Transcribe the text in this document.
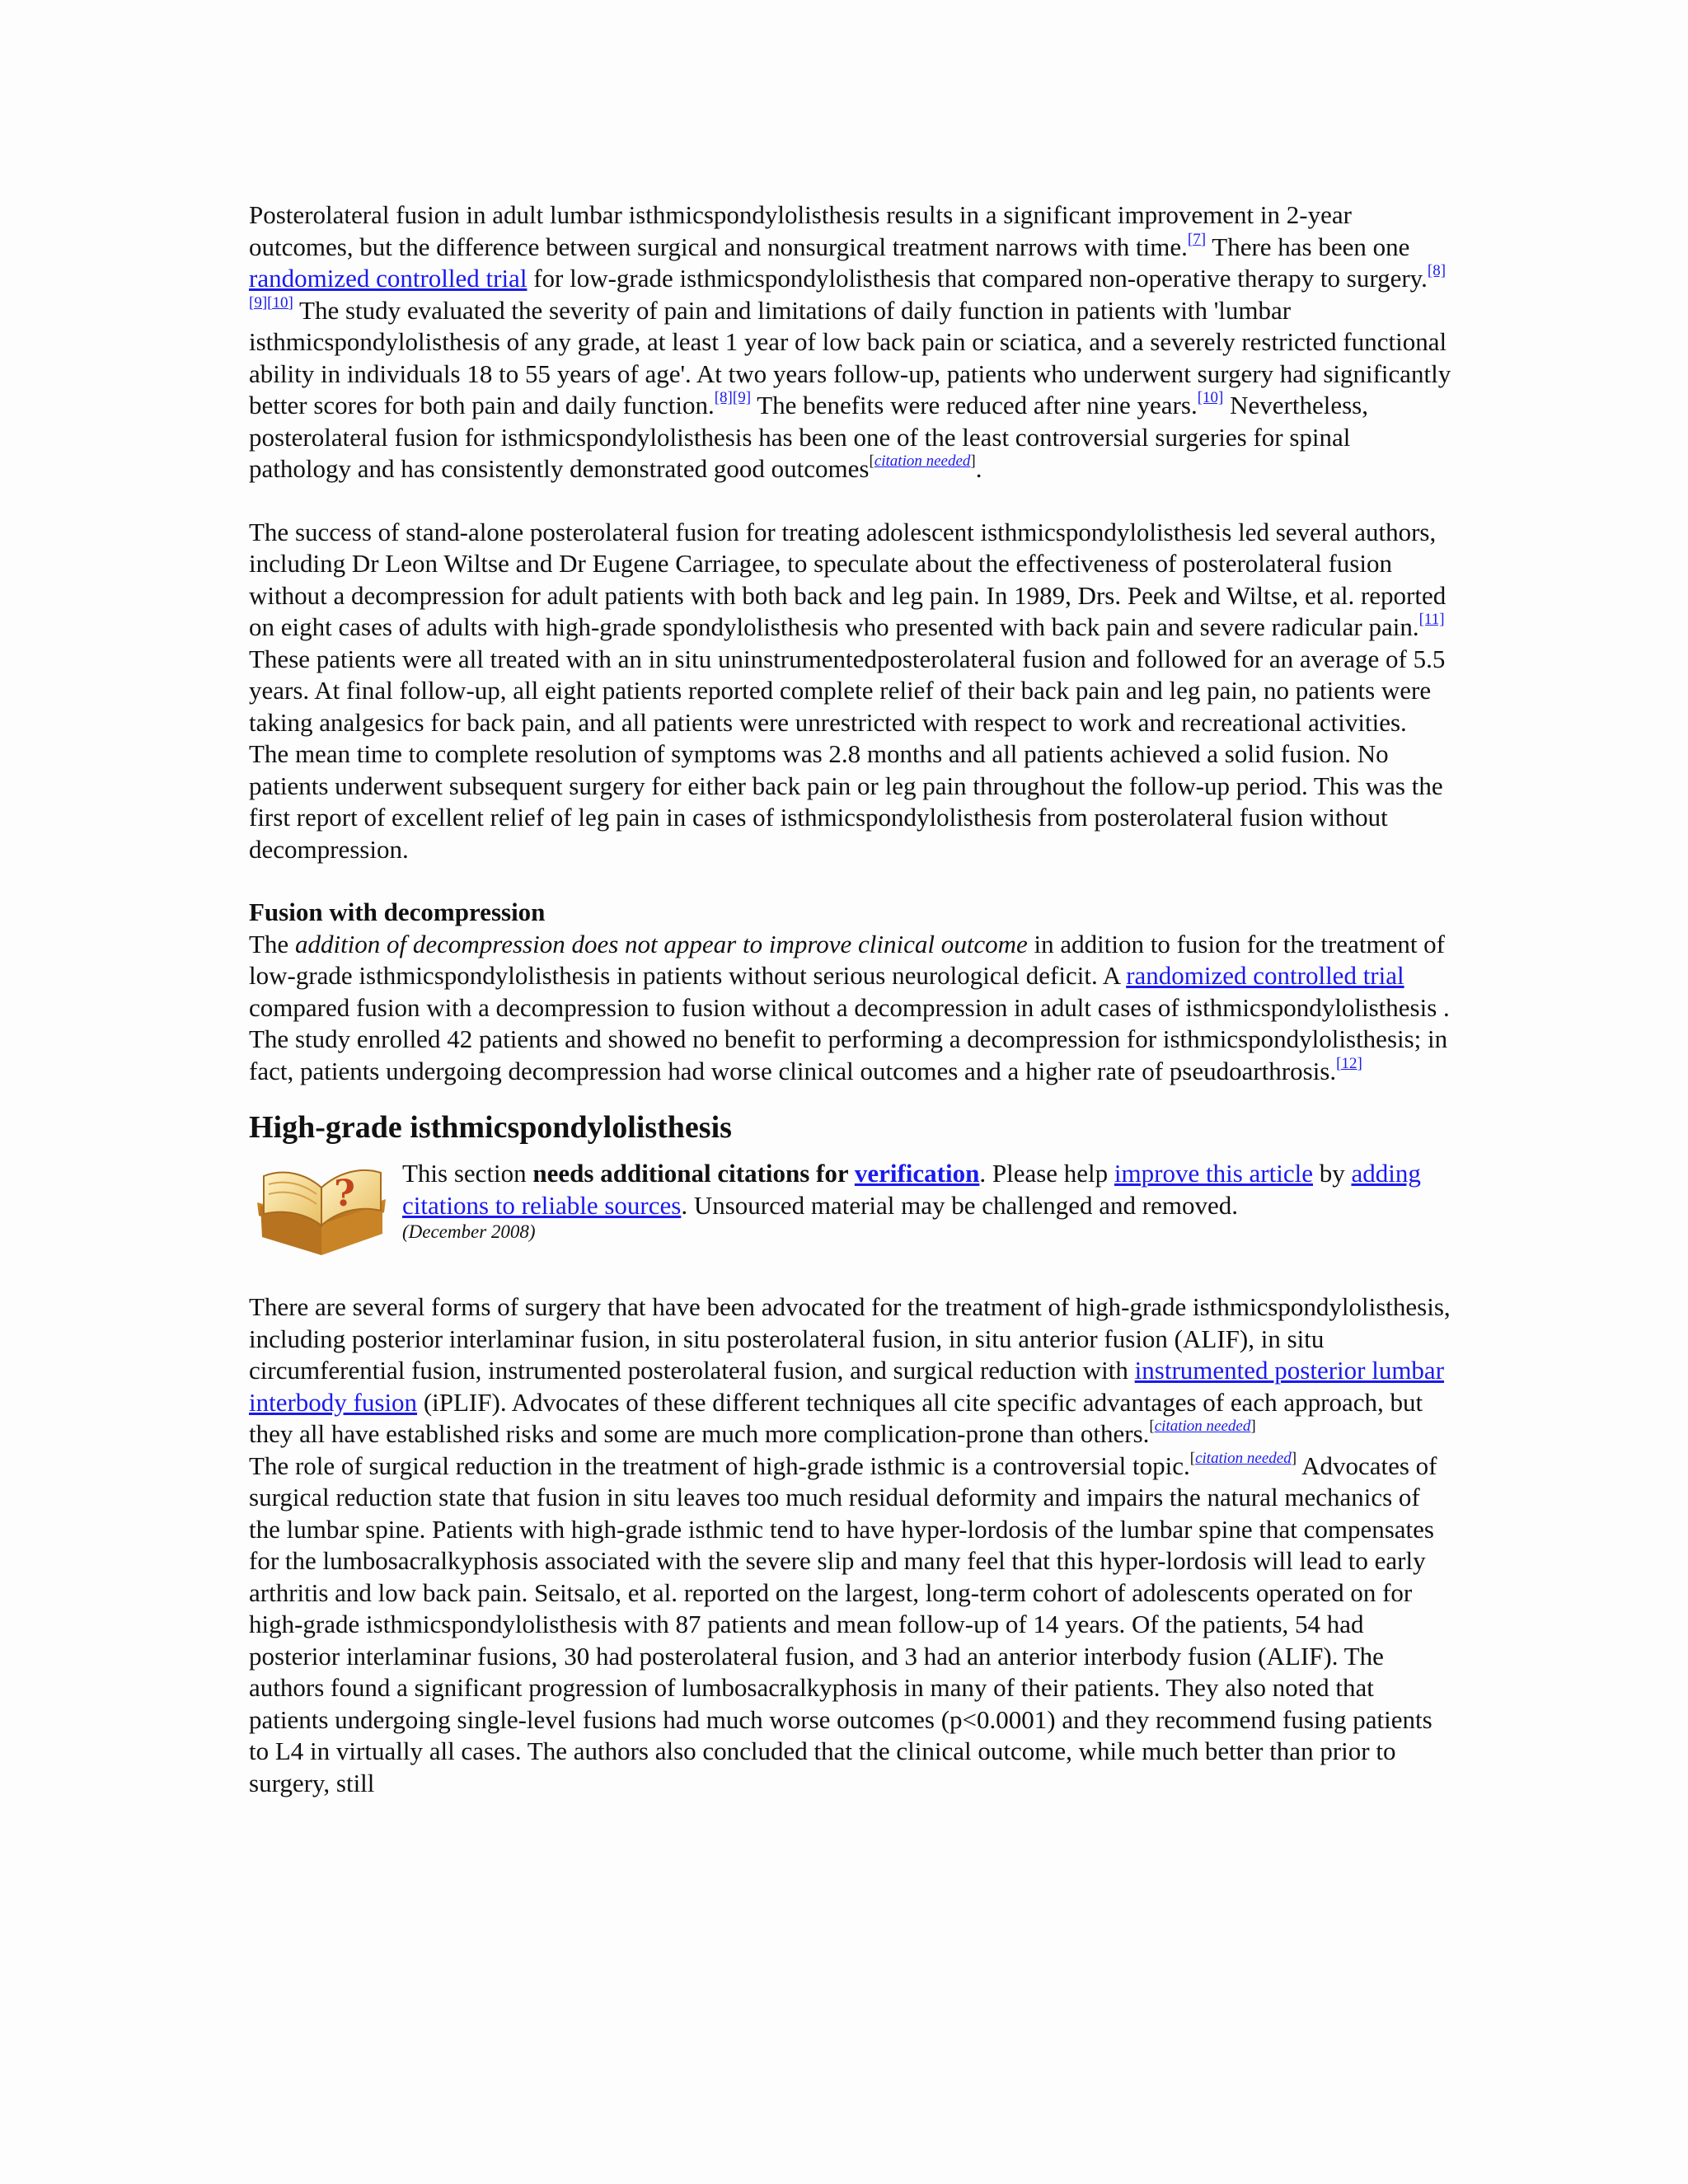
Posterolateral fusion in adult lumbar isthmicspondylolisthesis results in a significant improvement in 2-year outcomes, but the difference between surgical and nonsurgical treatment narrows with time.[7] There has been one randomized controlled trial for low-grade isthmicspondylolisthesis that compared non-operative therapy to surgery.[8][9][10] The study evaluated the severity of pain and limitations of daily function in patients with 'lumbar isthmicspondylolisthesis of any grade, at least 1 year of low back pain or sciatica, and a severely restricted functional ability in individuals 18 to 55 years of age'. At two years follow-up, patients who underwent surgery had significantly better scores for both pain and daily function.[8][9] The benefits were reduced after nine years.[10] Nevertheless, posterolateral fusion for isthmicspondylolisthesis has been one of the least controversial surgeries for spinal pathology and has consistently demonstrated good outcomes[citation needed].

The success of stand-alone posterolateral fusion for treating adolescent isthmicspondylolisthesis led several authors, including Dr Leon Wiltse and Dr Eugene Carriagee, to speculate about the effectiveness of posterolateral fusion without a decompression for adult patients with both back and leg pain. In 1989, Drs. Peek and Wiltse, et al. reported on eight cases of adults with high-grade spondylolisthesis who presented with back pain and severe radicular pain.[11] These patients were all treated with an in situ uninstrumentedposterolateral fusion and followed for an average of 5.5 years. At final follow-up, all eight patients reported complete relief of their back pain and leg pain, no patients were taking analgesics for back pain, and all patients were unrestricted with respect to work and recreational activities. The mean time to complete resolution of symptoms was 2.8 months and all patients achieved a solid fusion. No patients underwent subsequent surgery for either back pain or leg pain throughout the follow-up period. This was the first report of excellent relief of leg pain in cases of isthmicspondylolisthesis from posterolateral fusion without decompression.

Fusion with decompression

The addition of decompression does not appear to improve clinical outcome in addition to fusion for the treatment of low-grade isthmicspondylolisthesis in patients without serious neurological deficit. A randomized controlled trial compared fusion with a decompression to fusion without a decompression in adult cases of isthmicspondylolisthesis . The study enrolled 42 patients and showed no benefit to performing a decompression for isthmicspondylolisthesis; in fact, patients undergoing decompression had worse clinical outcomes and a higher rate of pseudoarthrosis.[12]

High-grade isthmicspondylolisthesis
? This section needs additional citations for verification. Please help improve this article by adding citations to reliable sources. Unsourced material may be challenged and removed.
(December 2008)

There are several forms of surgery that have been advocated for the treatment of high-grade isthmicspondylolisthesis, including posterior interlaminar fusion, in situ posterolateral fusion, in situ anterior fusion (ALIF), in situ circumferential fusion, instrumented posterolateral fusion, and surgical reduction with instrumented posterior lumbar interbody fusion (iPLIF). Advocates of these different techniques all cite specific advantages of each approach, but they all have established risks and some are much more complication-prone than others.[citation needed]

The role of surgical reduction in the treatment of high-grade isthmic is a controversial topic.[citation needed] Advocates of surgical reduction state that fusion in situ leaves too much residual deformity and impairs the natural mechanics of the lumbar spine. Patients with high-grade isthmic tend to have hyper-lordosis of the lumbar spine that compensates for the lumbosacralkyphosis associated with the severe slip and many feel that this hyper-lordosis will lead to early arthritis and low back pain. Seitsalo, et al. reported on the largest, long-term cohort of adolescents operated on for high-grade isthmicspondylolisthesis with 87 patients and mean follow-up of 14 years. Of the patients, 54 had posterior interlaminar fusions, 30 had posterolateral fusion, and 3 had an anterior interbody fusion (ALIF). The authors found a significant progression of lumbosacralkyphosis in many of their patients. They also noted that patients undergoing single-level fusions had much worse outcomes (p<0.0001) and they recommend fusing patients to L4 in virtually all cases. The authors also concluded that the clinical outcome, while much better than prior to surgery, still
